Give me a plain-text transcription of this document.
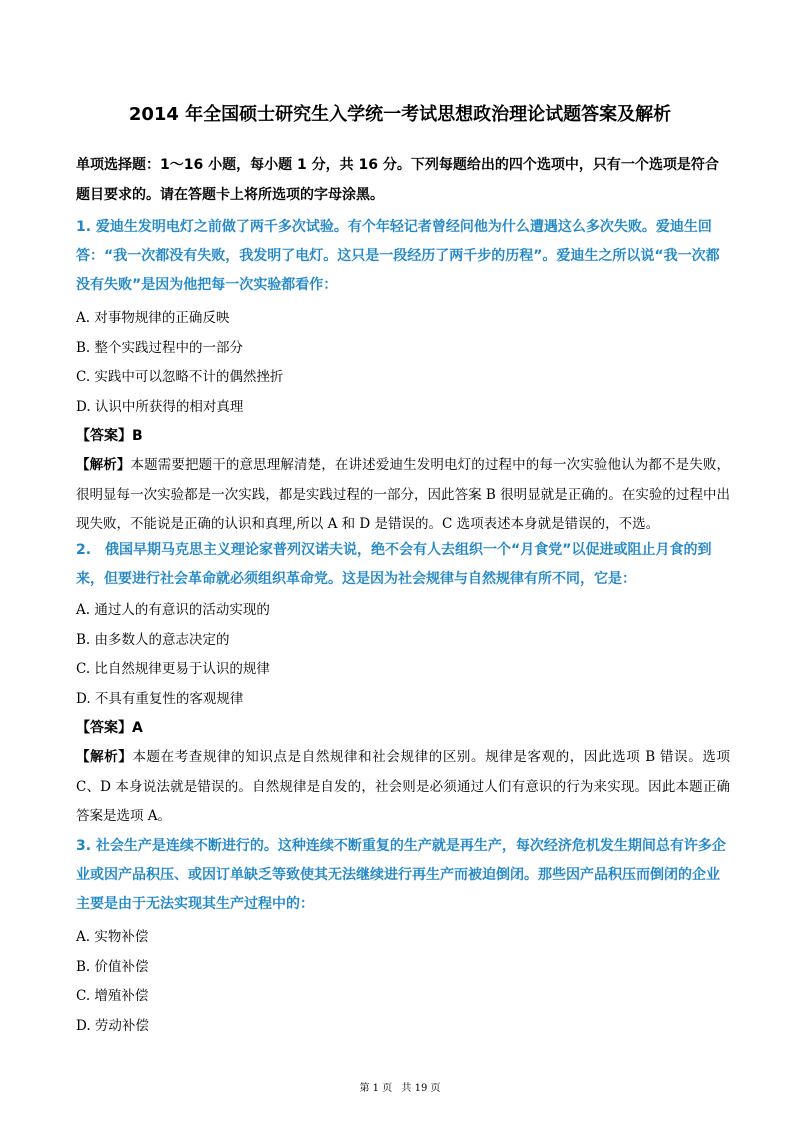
2014 年全国硕士研究生入学统一考试思想政治理论试题答案及解析

单项选择题：1～16 小题，每小题 1 分，共 16 分。下列每题给出的四个选项中，只有一个选项是符合题目要求的。请在答题卡上将所选项的字母涂黑。

1. 爱迪生发明电灯之前做了两千多次试验。有个年轻记者曾经问他为什么遭遇这么多次失败。爱迪生回答：“我一次都没有失败，我发明了电灯。这只是一段经历了两千步的历程”。爱迪生之所以说“我一次都没有失败”是因为他把每一次实验都看作：

A. 对事物规律的正确反映

B. 整个实践过程中的一部分

C. 实践中可以忽略不计的偶然挫折

D. 认识中所获得的相对真理

【答案】B

【解析】本题需要把题干的意思理解清楚，在讲述爱迪生发明电灯的过程中的每一次实验他认为都不是失败，很明显每一次实验都是一次实践，都是实践过程的一部分，因此答案 B 很明显就是正确的。在实验的过程中出现失败，不能说是正确的认识和真理,所以 A 和 D 是错误的。C 选项表述本身就是错误的，不选。

2.　俄国早期马克思主义理论家普列汉诺夫说，绝不会有人去组织一个“月食党”以促进或阻止月食的到来，但要进行社会革命就必须组织革命党。这是因为社会规律与自然规律有所不同，它是：

A. 通过人的有意识的活动实现的

B. 由多数人的意志决定的

C. 比自然规律更易于认识的规律

D. 不具有重复性的客观规律

【答案】A

【解析】本题在考查规律的知识点是自然规律和社会规律的区别。规律是客观的，因此选项 B 错误。选项 C、D 本身说法就是错误的。自然规律是自发的，社会则是必须通过人们有意识的行为来实现。因此本题正确答案是选项 A。

3. 社会生产是连续不断进行的。这种连续不断重复的生产就是再生产，每次经济危机发生期间总有许多企业或因产品积压、或因订单缺乏等致使其无法继续进行再生产而被迫倒闭。那些因产品积压而倒闭的企业主要是由于无法实现其生产过程中的：

A. 实物补偿

B. 价值补偿

C. 增殖补偿

D. 劳动补偿

第 1 页 共 19 页
